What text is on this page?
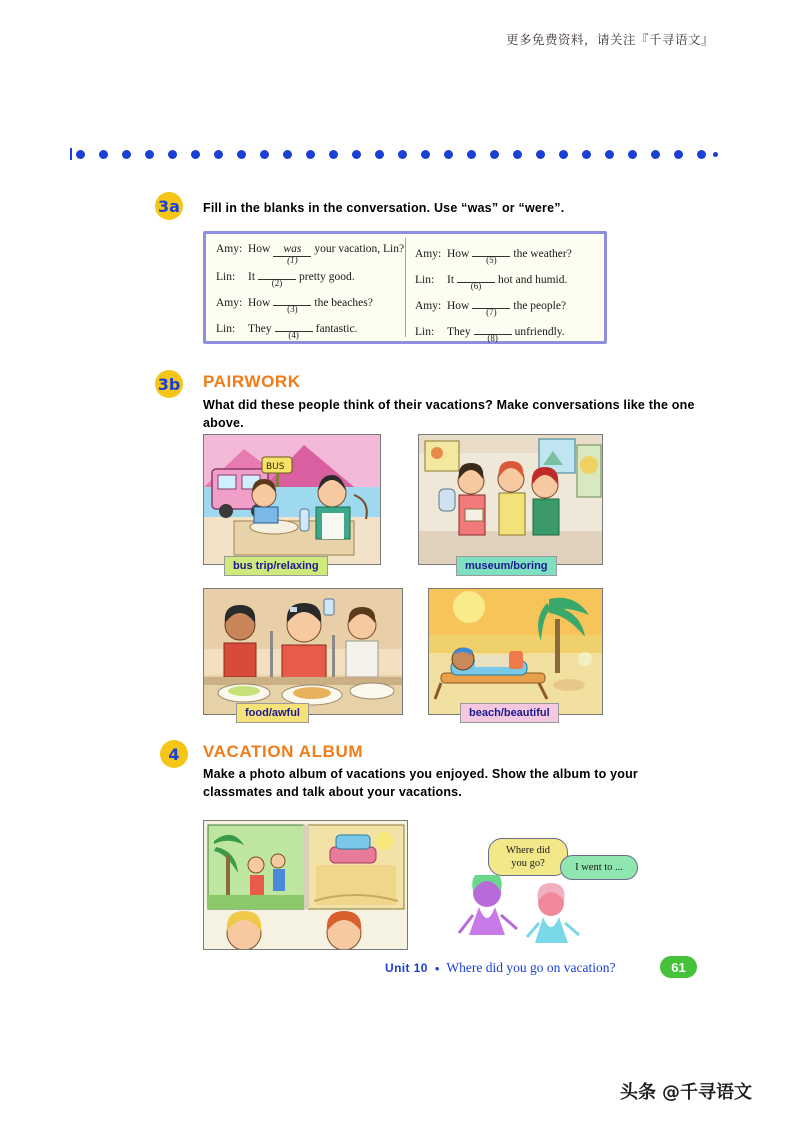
更多免费资料，请关注『千寻语文』
3a Fill in the blanks in the conversation. Use “was” or “were”.
Amy: How	was
(1)
your vacation, Lin?
Lin:	It	(2)	pretty good.
Amy: How	(3)	the beaches?
Lin:	They	(4)	fantastic.
Amy: How	(5)	the weather?
Lin:	It	(6)	hot and humid.
Amy: How	(7)	the people?
Lin:	They	(8)	unfriendly.
3b PAIRWORK
What did these people think of their vacations? Make conversations like the one above.
BUS
bus trip/relaxing	museum/boring
food/awful	beach/beautiful
4	VACATION ALBUM
Make a photo album of vacations you enjoyed. Show the album to your classmates and talk about your vacations.
Where did you go?	I went to ...
Unit 10 • Where did you go on vacation?	61
头条 @千寻语文
